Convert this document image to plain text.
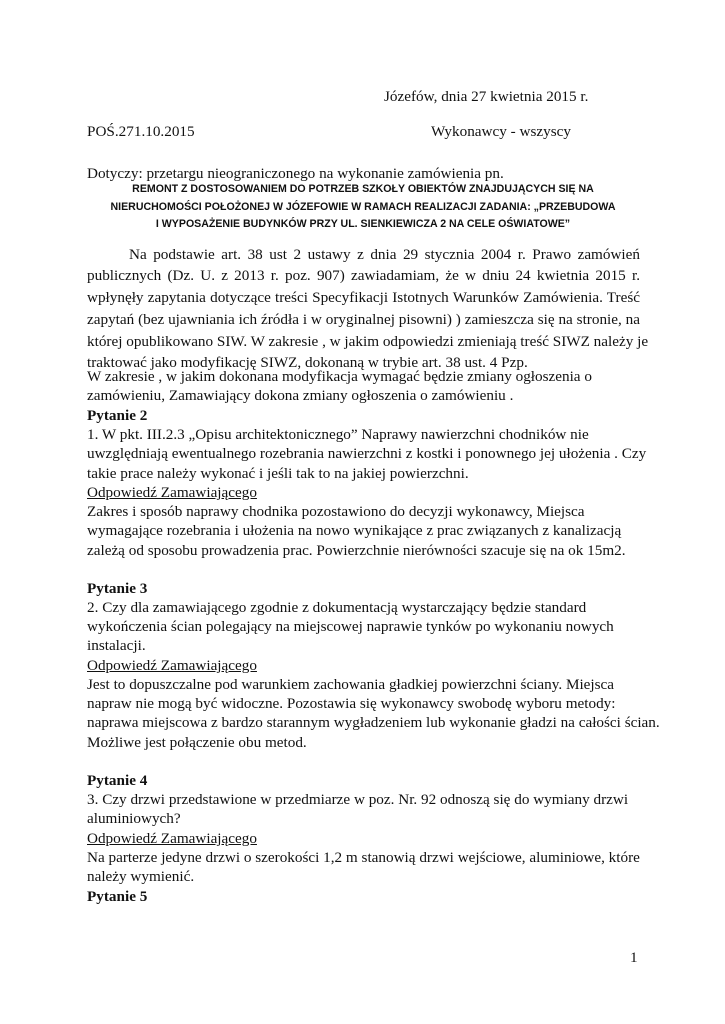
Józefów, dnia 27 kwietnia 2015 r.
POŚ.271.10.2015	Wykonawcy - wszyscy
Dotyczy: przetargu nieograniczonego na wykonanie zamówienia pn.
REMONT Z DOSTOSOWANIEM DO POTRZEB SZKOŁY OBIEKTÓW ZNAJDUJĄCYCH SIĘ NA
NIERUCHOMOŚCI POŁOŻONEJ W JÓZEFOWIE W RAMACH REALIZACJI ZADANIA: „PRZEBUDOWA
I WYPOSAŻENIE BUDYNKÓW PRZY UL. SIENKIEWICZA 2 NA CELE OŚWIATOWE”
Na podstawie art. 38 ust 2 ustawy z dnia 29 stycznia 2004 r. Prawo zamówień
publicznych (Dz. U. z 2013 r. poz. 907) zawiadamiam, że w dniu 24 kwietnia 2015 r.
wpłynęły zapytania dotyczące treści Specyfikacji Istotnych Warunków Zamówienia. Treść
zapytań (bez ujawniania ich źródła i w oryginalnej pisowni) ) zamieszcza się na stronie, na
której opublikowano SIW. W zakresie , w jakim odpowiedzi zmieniają treść SIWZ należy je
traktować jako modyfikację SIWZ, dokonaną w trybie art. 38 ust. 4 Pzp.
W zakresie , w jakim dokonana modyfikacja wymagać będzie zmiany ogłoszenia o
zamówieniu, Zamawiający dokona zmiany ogłoszenia o zamówieniu .
Pytanie 2
1. W pkt. III.2.3 „Opisu architektonicznego” Naprawy nawierzchni chodników nie
uwzględniają ewentualnego rozebrania nawierzchni z kostki i ponownego jej ułożenia . Czy
takie prace należy wykonać i jeśli tak to na jakiej powierzchni.
Odpowiedź Zamawiającego
Zakres i sposób naprawy chodnika pozostawiono do decyzji wykonawcy, Miejsca
wymagające rozebrania i ułożenia na nowo wynikające z prac związanych z kanalizacją
zależą od sposobu prowadzenia prac. Powierzchnie nierówności szacuje się na ok 15m2.
Pytanie 3
2. Czy dla zamawiającego zgodnie z dokumentacją wystarczający będzie standard
wykończenia ścian polegający na miejscowej naprawie tynków po wykonaniu nowych
instalacji.
Odpowiedź Zamawiającego
Jest to dopuszczalne pod warunkiem zachowania gładkiej powierzchni ściany. Miejsca
napraw nie mogą być widoczne. Pozostawia się wykonawcy swobodę wyboru metody:
naprawa miejscowa z bardzo starannym wygładzeniem lub wykonanie gładzi na całości ścian.
Możliwe jest połączenie obu metod.
Pytanie 4
3. Czy drzwi przedstawione w przedmiarze w poz. Nr. 92 odnoszą się do wymiany drzwi
aluminiowych?
Odpowiedź Zamawiającego
Na parterze jedyne drzwi o szerokości 1,2 m stanowią drzwi wejściowe, aluminiowe, które
należy wymienić.
Pytanie 5
1
